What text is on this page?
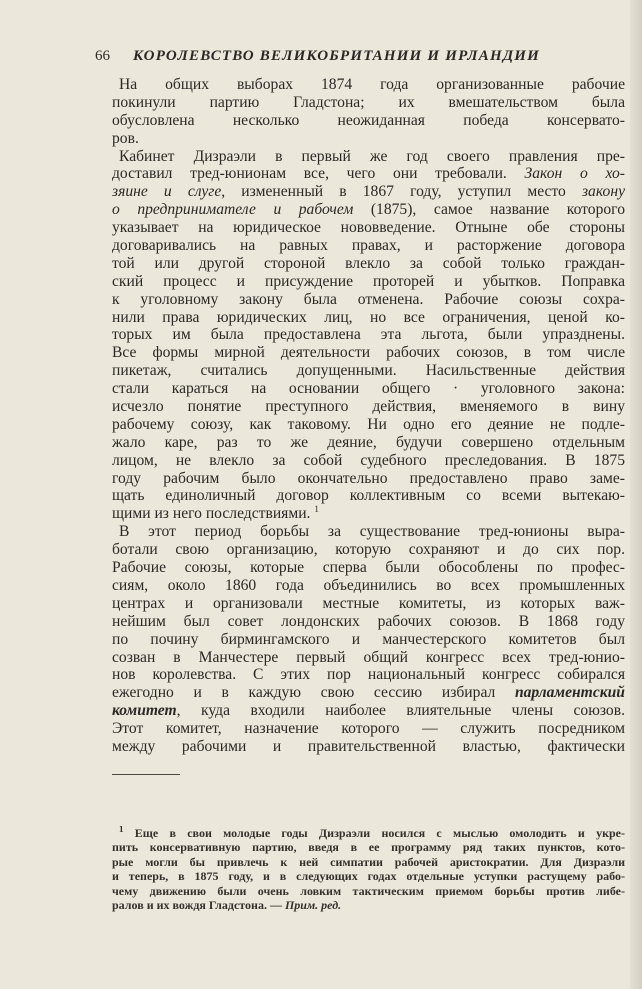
66 КОРОЛЕВСТВО ВЕЛИКОБРИТАНИИ И ИРЛАНДИИ
На общих выборах 1874 года организованные рабочие
покинули партию Гладстона; их вмешательством была
обусловлена несколько неожиданная победа консервато-
ров.
Кабинет Дизраэли в первый же год своего правления пре-
доставил тред-юнионам все, чего они требовали. Закон о хо-
зяине и слуге, измененный в 1867 году, уступил место закону
о предпринимателе и рабочем (1875), самое название которого
указывает на юридическое нововведение. Отныне обе стороны
договаривались на равных правах, и расторжение договора
той или другой стороной влекло за собой только граждан-
ский процесс и присуждение проторей и убытков. Поправка
к уголовному закону была отменена. Рабочие союзы сохра-
нили права юридических лиц, но все ограничения, ценой ко-
торых им была предоставлена эта льгота, были упразднены.
Все формы мирной деятельности рабочих союзов, в том числе
пикетаж, считались допущенными. Насильственные действия
стали караться на основании общего · уголовного закона:
исчезло понятие преступного действия, вменяемого в вину
рабочему союзу, как таковому. Ни одно его деяние не подле-
жало каре, раз то же деяние, будучи совершено отдельным
лицом, не влекло за собой судебного преследования. В 1875
году рабочим было окончательно предоставлено право заме-
щать единоличный договор коллективным со всеми вытекаю-
щими из него последствиями. $^1$
В этот период борьбы за существование тред-юнионы выра-
ботали свою организацию, которую сохраняют и до сих пор.
Рабочие союзы, которые сперва были обособлены по профес-
сиям, около 1860 года объединились во всех промышленных
центрах и организовали местные комитеты, из которых важ-
нейшим был совет лондонских рабочих союзов. В 1868 году
по почину бирмингамского и манчестерского комитетов был
созван в Манчестере первый общий конгресс всех тред-юнио-
нов королевства. С этих пор национальный конгресс собирался
ежегодно и в каждую свою сессию избирал парламентский
комитет, куда входили наиболее влиятельные члены союзов.
Этот комитет, назначение которого — служить посредником
между рабочими и правительственной властью, фактически
$^1$ Еще в свои молодые годы Дизраэли носился с мыслью омолодить и укре-
пить консервативную партию, введя в ее программу ряд таких пунктов, кото-
рые могли бы привлечь к ней симпатии рабочей аристократии. Для Дизраэли
и теперь, в 1875 году, и в следующих годах отдельные уступки растущему рабо-
чему движению были очень ловким тактическим приемом борьбы против либе-
ралов и их вождя Гладстона. — Прим. ред.
